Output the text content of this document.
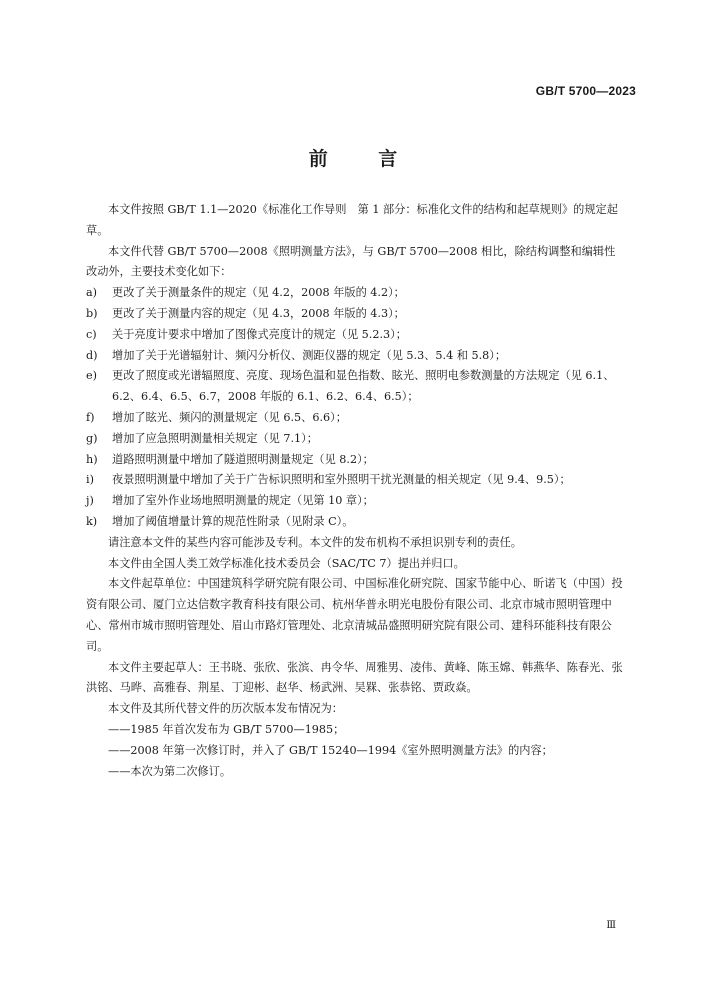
GB/T 5700—2023
前 言

本文件按照 GB/T 1.1—2020《标准化工作导则　第 1 部分：标准化文件的结构和起草规则》的规定起草。

本文件代替 GB/T 5700—2008《照明测量方法》，与 GB/T 5700—2008 相比，除结构调整和编辑性改动外，主要技术变化如下：

a)	更改了关于测量条件的规定（见 4.2，2008 年版的 4.2）；
b)	更改了关于测量内容的规定（见 4.3，2008 年版的 4.3）；
c)	关于亮度计要求中增加了图像式亮度计的规定（见 5.2.3）；
d)	增加了关于光谱辐射计、频闪分析仪、测距仪器的规定（见 5.3、5.4 和 5.8）；
e)	更改了照度或光谱辐照度、亮度、现场色温和显色指数、眩光、照明电参数测量的方法规定（见 6.1、6.2、6.4、6.5、6.7，2008 年版的 6.1、6.2、6.4、6.5）；
f)	增加了眩光、频闪的测量规定（见 6.5、6.6）；
g)	增加了应急照明测量相关规定（见 7.1）；
h)	道路照明测量中增加了隧道照明测量规定（见 8.2）；
i)	夜景照明测量中增加了关于广告标识照明和室外照明干扰光测量的相关规定（见 9.4、9.5）；
j)	增加了室外作业场地照明测量的规定（见第 10 章）；
k)	增加了阈值增量计算的规范性附录（见附录 C）。

请注意本文件的某些内容可能涉及专利。本文件的发布机构不承担识别专利的责任。

本文件由全国人类工效学标准化技术委员会（SAC/TC 7）提出并归口。

本文件起草单位：中国建筑科学研究院有限公司、中国标准化研究院、国家节能中心、昕诺飞（中国）投资有限公司、厦门立达信数字教育科技有限公司、杭州华普永明光电股份有限公司、北京市城市照明管理中心、常州市城市照明管理处、眉山市路灯管理处、北京清城品盛照明研究院有限公司、建科环能科技有限公司。

本文件主要起草人：王书晓、张欣、张滨、冉令华、周雅男、凌伟、黄峰、陈玉嫦、韩燕华、陈春光、张洪铭、马晔、高雅春、荆星、丁迎彬、赵华、杨武洲、吴槑、张恭铭、贾政焱。

本文件及其所代替文件的历次版本发布情况为：

——1985 年首次发布为 GB/T 5700—1985；

——2008 年第一次修订时，并入了 GB/T 15240—1994《室外照明测量方法》的内容；

——本次为第二次修订。

Ⅲ
